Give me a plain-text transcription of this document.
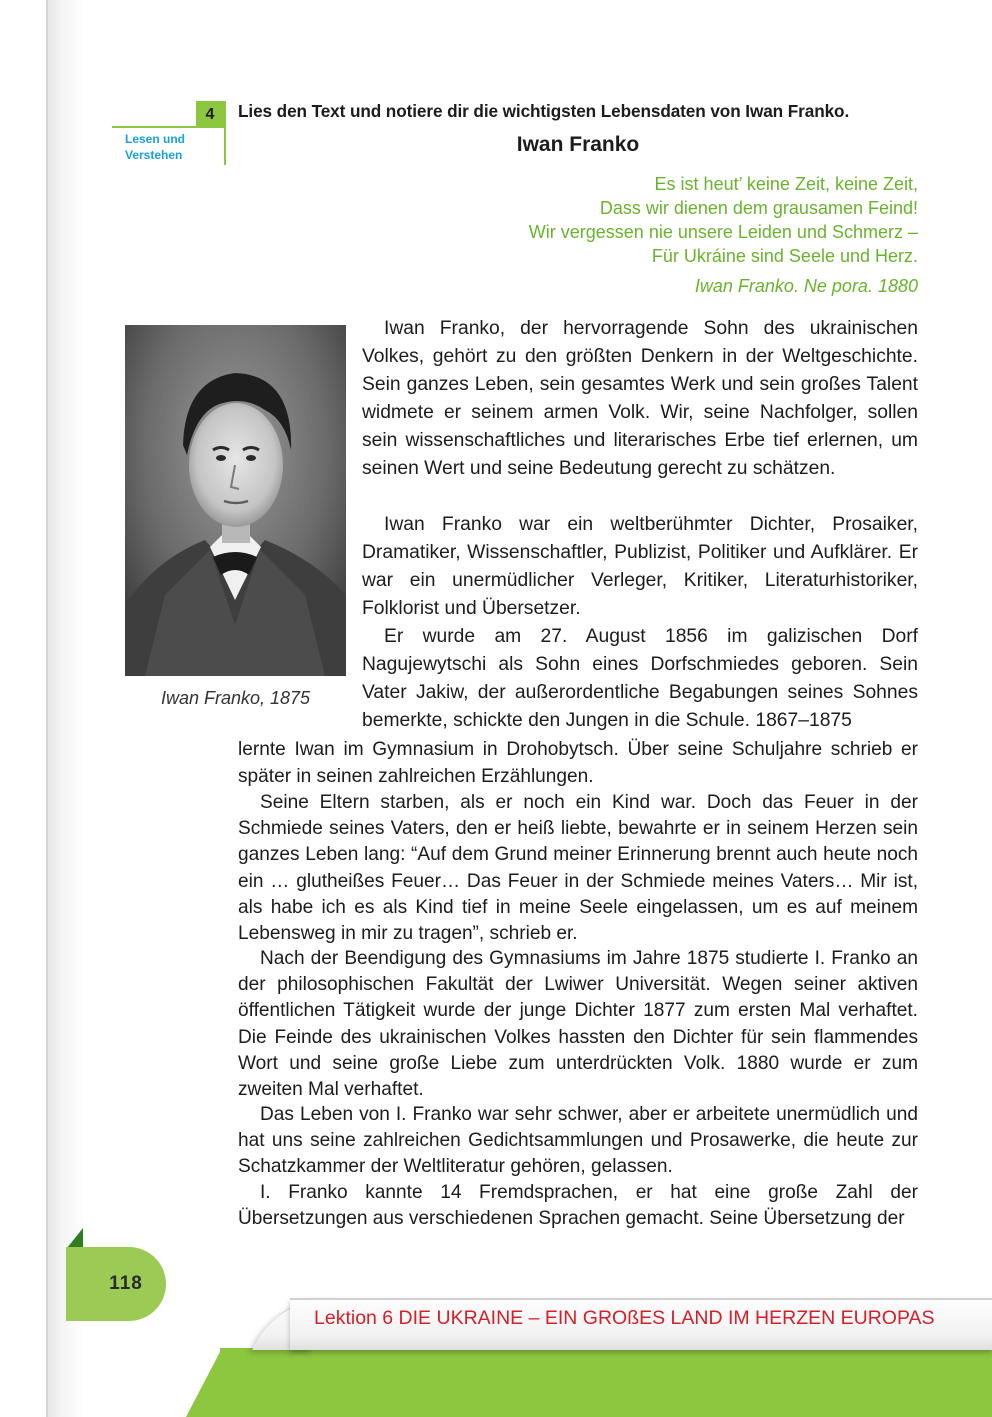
4
Lesen und
Verstehen
Lies den Text und notiere dir die wichtigsten Lebensdaten von Iwan Franko.
Iwan Franko
Es ist heut’ keine Zeit, keine Zeit,
Dass wir dienen dem grausamen Feind!
Wir vergessen nie unsere Leiden und Schmerz –
Für Ukráine sind Seele und Herz.
Iwan Franko. Ne pora. 1880
Iwan Franko, 1875
Iwan Franko, der hervorragende Sohn des ukrainischen Volkes, gehört zu den größten Denkern in der Weltgeschichte. Sein ganzes Leben, sein gesamtes Werk und sein großes Talent widmete er seinem armen Volk. Wir, seine Nachfolger, sollen sein wissenschaftliches und literarisches Erbe tief erlernen, um seinen Wert und seine Bedeutung gerecht zu schätzen.
Iwan Franko war ein weltberühmter Dichter, Prosaiker, Dramatiker, Wissenschaftler, Publizist, Politiker und Aufklärer. Er war ein unermüdlicher Verleger, Kritiker, Literaturhistoriker, Folklorist und Übersetzer.
Er wurde am 27. August 1856 im galizischen Dorf Nagujewytschi als Sohn eines Dorfschmiedes geboren. Sein Vater Jakiw, der außerordentliche Begabungen seines Sohnes bemerkte, schickte den Jungen in die Schule. 1867–1875
lernte Iwan im Gymnasium in Drohobytsch. Über seine Schuljahre schrieb er später in seinen zahlreichen Erzählungen.
Seine Eltern starben, als er noch ein Kind war. Doch das Feuer in der Schmiede seines Vaters, den er heiß liebte, bewahrte er in seinem Herzen sein ganzes Leben lang: “Auf dem Grund meiner Erinnerung brennt auch heute noch ein … glutheißes Feuer… Das Feuer in der Schmiede meines Vaters… Mir ist, als habe ich es als Kind tief in meine Seele eingelassen, um es auf meinem Lebensweg in mir zu tragen”, schrieb er.
Nach der Beendigung des Gymnasiums im Jahre 1875 studierte I. Franko an der philosophischen Fakultät der Lwiwer Universität. Wegen seiner aktiven öffentlichen Tätigkeit wurde der junge Dichter 1877 zum ersten Mal verhaftet. Die Feinde des ukrainischen Volkes hassten den Dichter für sein flammendes Wort und seine große Liebe zum unterdrückten Volk. 1880 wurde er zum zweiten Mal verhaftet.
Das Leben von I. Franko war sehr schwer, aber er arbeitete unermüdlich und hat uns seine zahlreichen Gedichtsammlungen und Prosawerke, die heute zur Schatzkammer der Weltliteratur gehören, gelassen.
I. Franko kannte 14 Fremdsprachen, er hat eine große Zahl der Übersetzungen aus verschiedenen Sprachen gemacht. Seine Übersetzung der
118
Lektion 6 DIE UKRAINE – EIN GROßES LAND IM HERZEN EUROPAS
